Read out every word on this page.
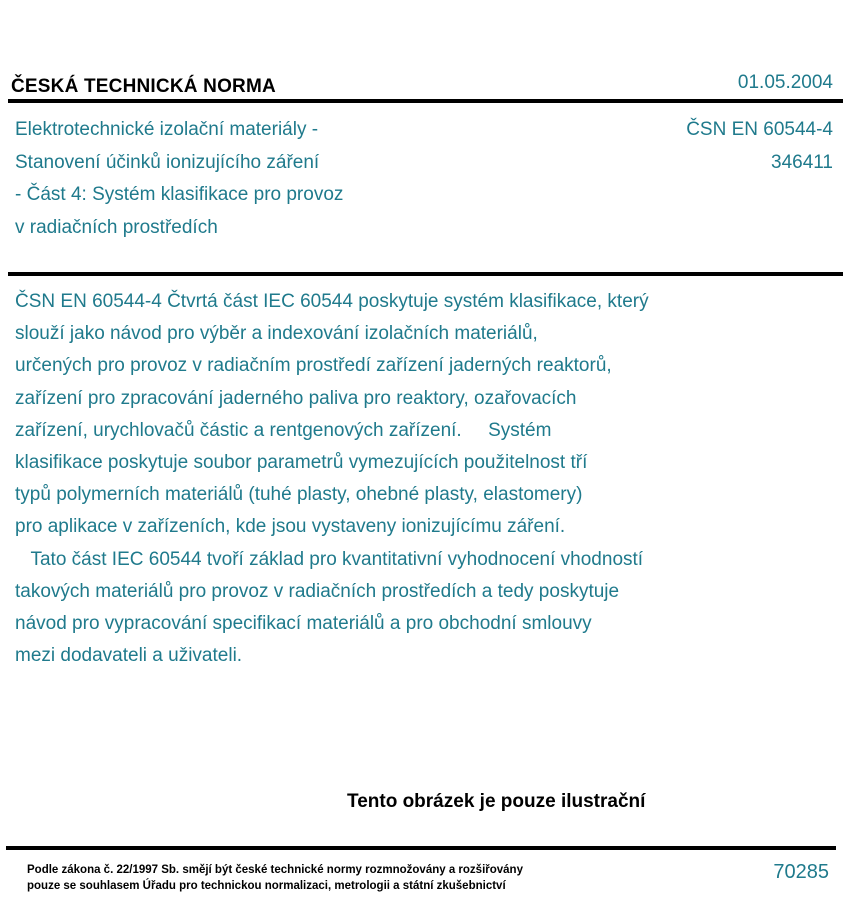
ČESKÁ TECHNICKÁ NORMA	01.05.2004
Elektrotechnické izolační materiály -
Stanovení účinků ionizujícího záření
- Část 4: Systém klasifikace pro provoz
v radiačních prostředích
ČSN EN 60544-4
346411
ČSN EN 60544-4 Čtvrtá část IEC 60544 poskytuje systém klasifikace, který
slouží jako návod pro výběr a indexování izolačních materiálů,
určených pro provoz v radiačním prostředí zařízení jaderných reaktorů,
zařízení pro zpracování jaderného paliva pro reaktory, ozařovacích
zařízení, urychlovačů částic a rentgenových zařízení.     Systém
klasifikace poskytuje soubor parametrů vymezujících použitelnost tří
typů polymerních materiálů (tuhé plasty, ohebné plasty, elastomery)
pro aplikace v zařízeních, kde jsou vystaveny ionizujícímu záření.
Tato část IEC 60544 tvoří základ pro kvantitativní vyhodnocení vhodností
takových materiálů pro provoz v radiačních prostředích a tedy poskytuje
návod pro vypracování specifikací materiálů a pro obchodní smlouvy
mezi dodavateli a uživateli.
Tento obrázek je pouze ilustrační
Podle zákona č. 22/1997 Sb. smějí být české technické normy rozmnožovány a rozšiřovány
pouze se souhlasem Úřadu pro technickou normalizaci, metrologii a státní zkušebnictví
70285
